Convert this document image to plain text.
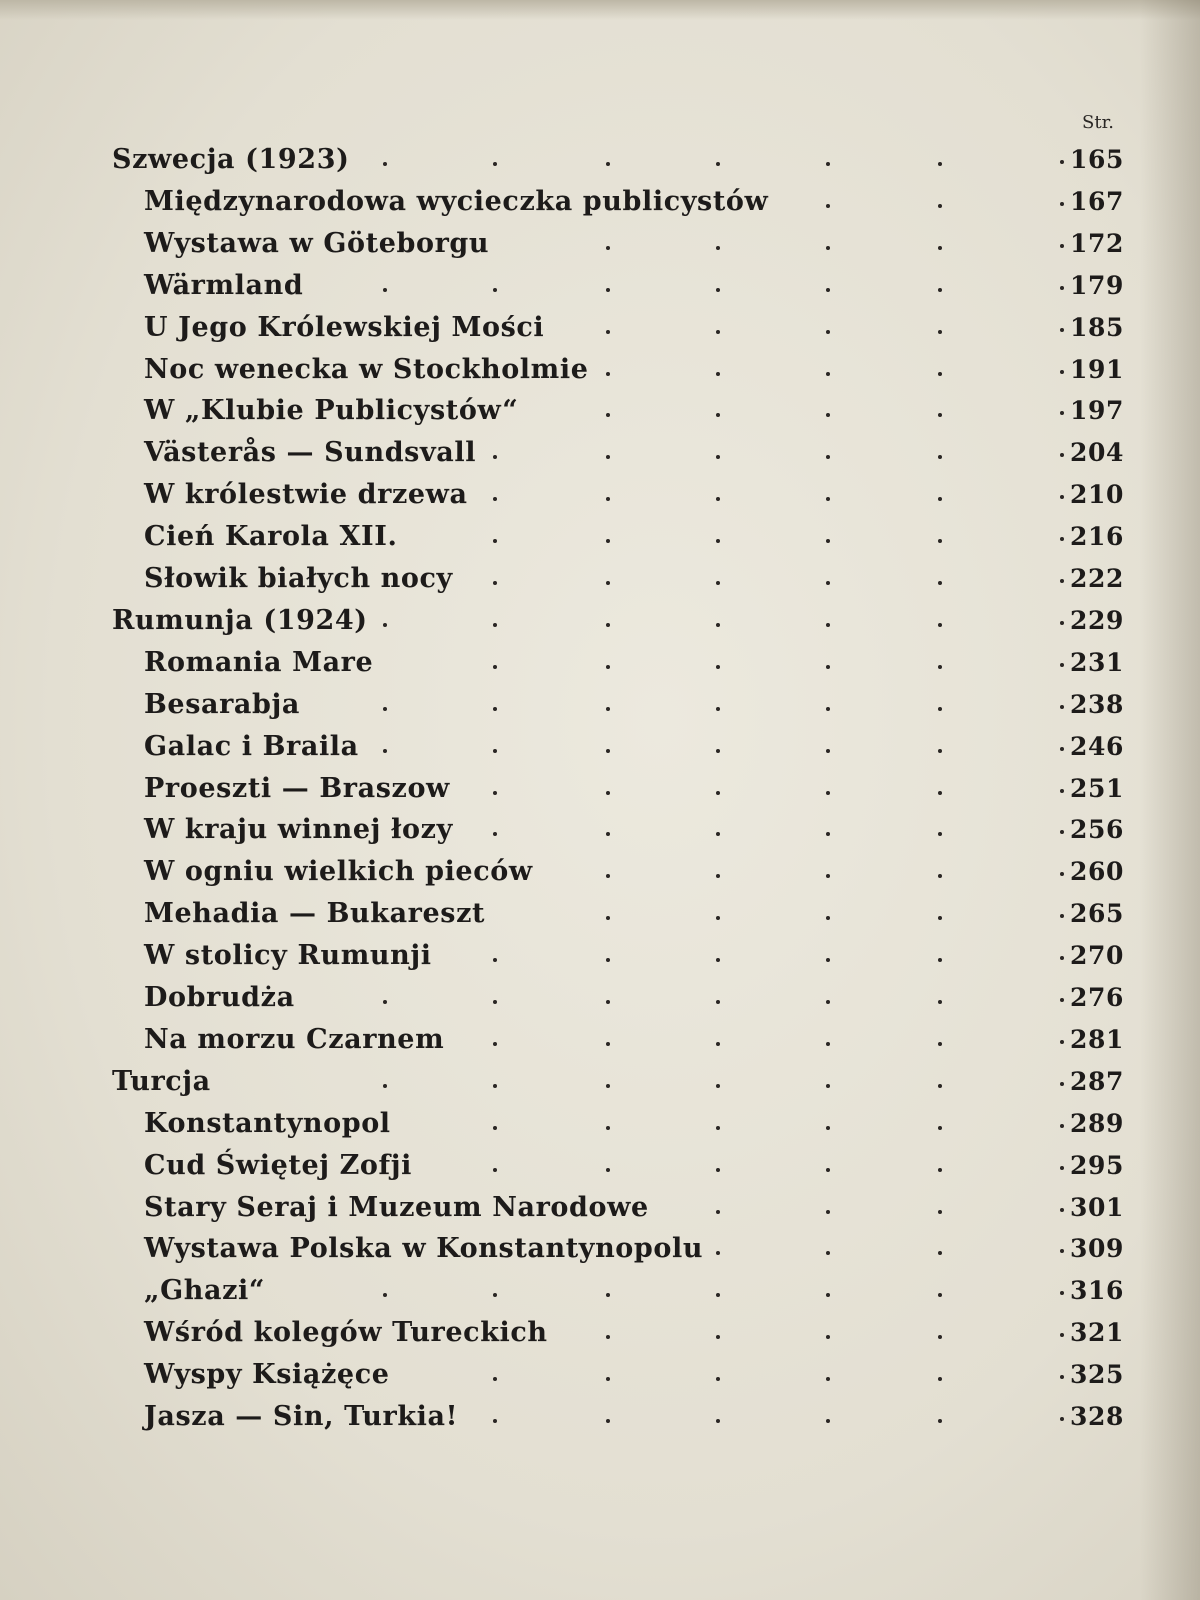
Str.
Szwecja (1923)	165
Międzynarodowa wycieczka publicystów	167
Wystawa w Göteborgu	172
Wärmland	179
U Jego Królewskiej Mości	185
Noc wenecka w Stockholmie	191
W „Klubie Publicystów“	197
Västerås — Sundsvall	204
W królestwie drzewa	210
Cień Karola XII.	216
Słowik białych nocy	222
Rumunja (1924)	229
Romania Mare	231
Besarabja	238
Galac i Braila	246
Proeszti — Braszow	251
W kraju winnej łozy	256
W ogniu wielkich pieców	260
Mehadia — Bukareszt	265
W stolicy Rumunji	270
Dobrudża	276
Na morzu Czarnem	281
Turcja	287
Konstantynopol	289
Cud Świętej Zofji	295
Stary Seraj i Muzeum Narodowe	301
Wystawa Polska w Konstantynopolu	309
„Ghazi“	316
Wśród kolegów Tureckich	321
Wyspy Książęce	325
Jasza — Sin, Turkia!	328
